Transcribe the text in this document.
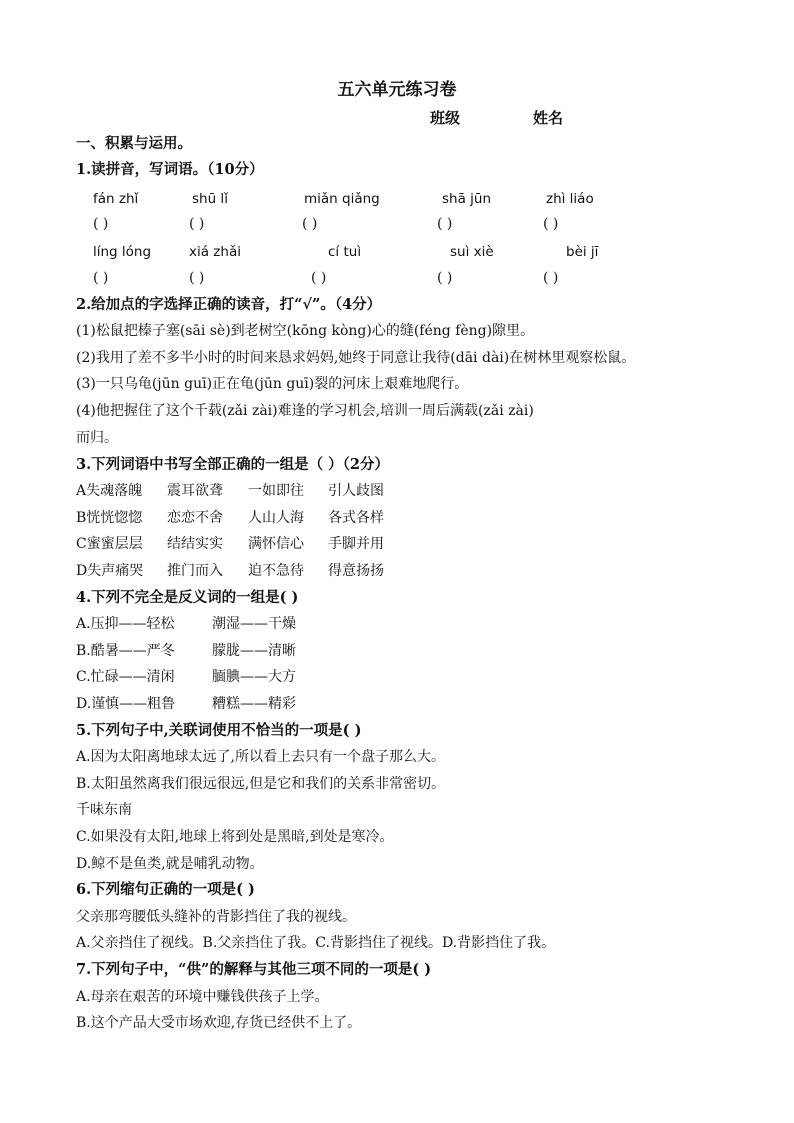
五六单元练习卷
班级	姓名
一、积累与运用。
1.读拼音，写词语。（10分）
fán zhǐ	shū lǐ	miǎn qiǎng	shā jūn	zhì liáo
( )	( )	( )	( )	( )
líng lóng	xiá zhǎi	cí tuì	suì xiè	bèi jī
( )	( )	( )	( )	( )
2.给加点的字选择正确的读音，打“√”。（4分）
(1)松鼠把榛子塞(sāi sè)到老树空(kōng kòng)心的缝(féng fèng)隙里。
(2)我用了差不多半小时的时间来恳求妈妈,她终于同意让我待(dāi dài)在树林里观察松鼠。
(3)一只乌龟(jūn guī)正在龟(jūn guī)裂的河床上艰难地爬行。
(4)他把握住了这个千载(zǎi zài)难逢的学习机会,培训一周后满载(zǎi zài)
而归。
3.下列词语中书写全部正确的一组是（ ）（2分）
A失魂落魄 震耳欲聋 一如即往 引人歧图
B恍恍惚惚 恋恋不舍 人山人海 各式各样
C蜜蜜层层 结结实实 满怀信心 手脚并用
D失声痛哭 推门而入 迫不急待 得意扬扬
4.下列不完全是反义词的一组是( )
A.压抑——轻松	潮湿——干燥
B.酷暑——严冬	朦胧——清晰
C.忙碌——清闲	腼腆——大方
D.谨慎——粗鲁	糟糕——精彩
5.下列句子中,关联词使用不恰当的一项是( )
A.因为太阳离地球太远了,所以看上去只有一个盘子那么大。
B.太阳虽然离我们很远很远,但是它和我们的关系非常密切。
千味东南
C.如果没有太阳,地球上将到处是黑暗,到处是寒冷。
D.鲸不是鱼类,就是哺乳动物。
6.下列缩句正确的一项是( )
父亲那弯腰低头缝补的背影挡住了我的视线。
A.父亲挡住了视线。B.父亲挡住了我。C.背影挡住了视线。D.背影挡住了我。
7.下列句子中，“供”的解释与其他三项不同的一项是( )
A.母亲在艰苦的环境中赚钱供孩子上学。
B.这个产品大受市场欢迎,存货已经供不上了。
